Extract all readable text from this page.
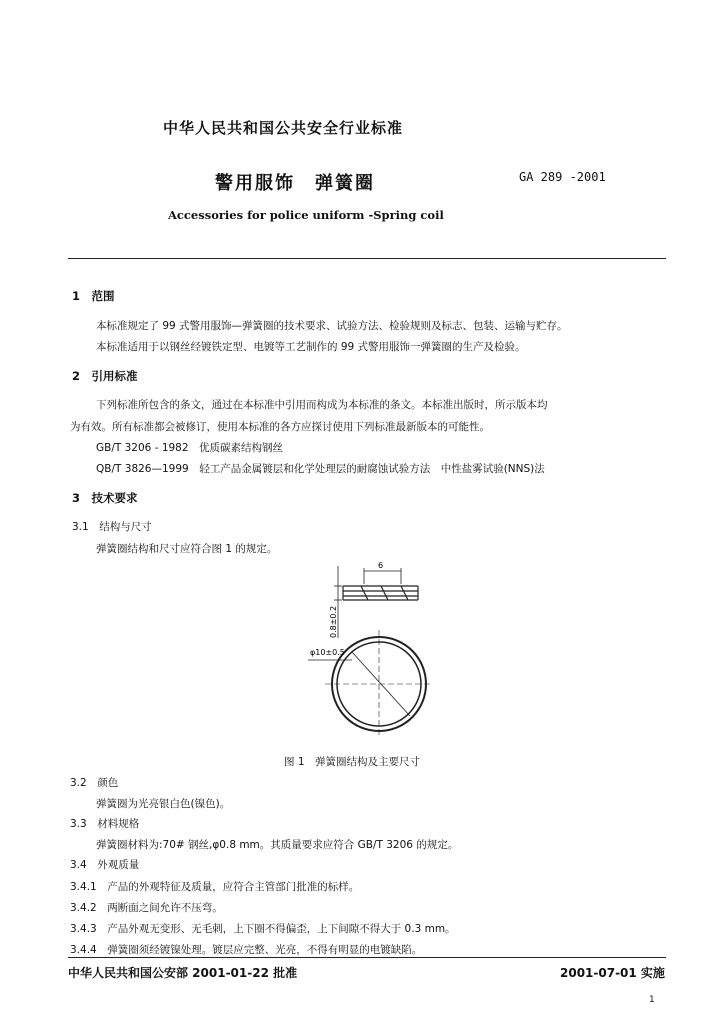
中华人民共和国公共安全行业标准
警用服饰　弹簧圈	GA 289 -2001
Accessories for police uniform -Spring coil
1　范围
本标准规定了 99 式警用服饰—弹簧圈的技术要求、试验方法、检验规则及标志、包装、运输与贮存。
本标准适用于以钢丝经镀铁定型、电镀等工艺制作的 99 式警用服饰一弹簧圈的生产及检验。
2　引用标准
下列标准所包含的条文，通过在本标准中引用而构成为本标准的条文。本标准出版时，所示版本均
为有效。所有标准都会被修订，使用本标准的各方应探讨使用下列标准最新版本的可能性。
GB/T 3206 - 1982　优质碳素结构钢丝
QB/T 3826—1999　轻工产品金属镀层和化学处理层的耐腐蚀试验方法　中性盐雾试验(NNS)法
3　技术要求
3.1　结构与尺寸
弹簧圈结构和尺寸应符合图 1 的规定。
6
0.8±0.2
φ10±0.5
图 1　弹簧圈结构及主要尺寸
3.2　颜色
弹簧圈为光亮银白色(镍色)。
3.3　材料规格
弹簧圈材料为:70# 钢丝,φ0.8 mm。其质量要求应符合 GB/T 3206 的规定。
3.4　外观质量
3.4.1　产品的外观特征及质量，应符合主管部门批准的标样。
3.4.2　两断面之间允许不压弯。
3.4.3　产品外观无变形、无毛刺，上下圈不得偏歪，上下间隙不得大于 0.3 mm。
3.4.4　弹簧圈须经镀镍处理。镀层应完整、光亮，不得有明显的电镀缺陷。
中华人民共和国公安部 2001-01-22 批准	2001-07-01 实施
1
